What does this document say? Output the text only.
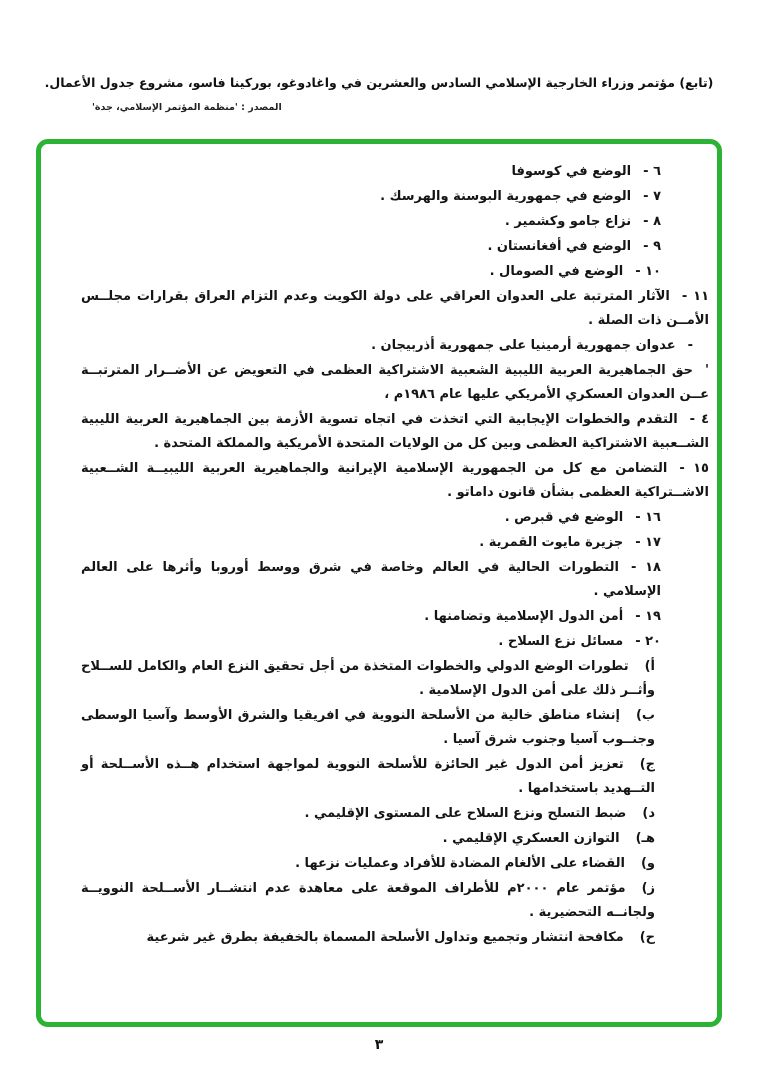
(تابع) مؤتمر وزراء الخارجية الإسلامي السادس والعشرين في واغادوغو، بوركينا فاسو، مشروع جدول الأعمال.
المصدر : 'منظمة المؤتمر الإسلامي، جدة'
٦ -الوضع في كوسوفا
٧ -الوضع في جمهورية البوسنة والهرسك .
٨ -نزاع جامو وكشمير .
٩ -الوضع في أفغانستان .
١٠ -الوضع في الصومال .
١١ -الآثار المترتبة على العدوان العراقي على دولة الكويت وعدم التزام العراق بقرارات مجلــس الأمــن ذات الصلة .
-عدوان جمهورية أرمينيا على جمهورية أذربيجان .
'حق الجماهيرية العربية الليبية الشعبية الاشتراكية العظمى في التعويض عن الأضــرار المترتبــة عــن العدوان العسكري الأمريكي عليها عام ١٩٨٦م ،
٤ -التقدم والخطوات الإيجابية التي اتخذت في اتجاه تسوية الأزمة بين الجماهيرية العربية الليبية الشــعبية الاشتراكية العظمى وبين كل من الولايات المتحدة الأمريكية والمملكة المتحدة .
١٥ -التضامن مع كل من الجمهورية الإسلامية الإيرانية والجماهيرية العربية الليبيــة الشــعبية الاشــتراكية العظمى بشأن قانون داماتو .
١٦ -الوضع في قبرص .
١٧ -جزيرة مايوت القمرية .
١٨ -التطورات الحالية في العالم وخاصة في شرق ووسط أوروبا وأثرها على العالم الإسلامي .
١٩ -أمن الدول الإسلامية وتضامنها .
٢٠ -مسائل نزع السلاح .
أ)تطورات الوضع الدولي والخطوات المتخذة من أجل تحقيق النزع العام والكامل للســلاح وأثــر ذلك على أمن الدول الإسلامية .
ب)إنشاء مناطق خالية من الأسلحة النووية في افريقيا والشرق الأوسط وآسيا الوسطى وجنــوب آسيا وجنوب شرق آسيا .
ج)تعزيز أمن الدول غير الحائزة للأسلحة النووية لمواجهة استخدام هــذه الأســلحة أو التــهديد باستخدامها .
د)ضبط التسلح ونزع السلاح على المستوى الإقليمي .
هـ)التوازن العسكري الإقليمي .
و)القضاء على الألغام المضادة للأفراد وعمليات نزعها .
ز)مؤتمر عام ٢٠٠٠م للأطراف الموقعة على معاهدة عدم انتشــار الأســلحة النوويــة ولجانــه التحضيرية .
ح)مكافحة انتشار وتجميع وتداول الأسلحة المسماة بالخفيفة بطرق غير شرعية
٣
